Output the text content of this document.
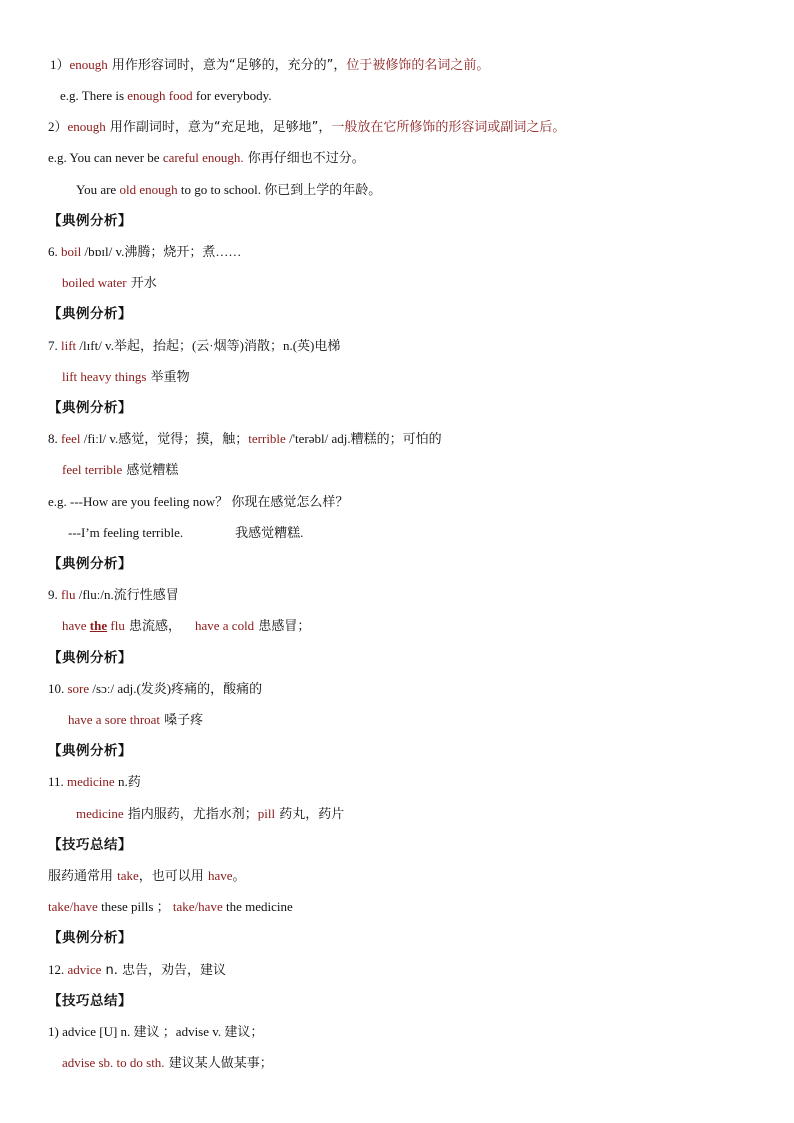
1）enough 用作形容词时，意为“足够的，充分的”，位于被修饰的名词之前。
e.g. There is enough food for everybody.
2）enough 用作副词时，意为“充足地，足够地”，一般放在它所修饰的形容词或副词之后。
e.g. You can never be careful enough. 你再仔细也不过分。
You are old enough to go to school. 你已到上学的年龄。
【典例分析】
6. boil /bɒɪl/ v.沸腾；烧开；煮……
boiled water 开水
【典例分析】
7. lift /lɪft/ v.举起，抬起；(云·烟等)消散；n.(英)电梯
lift heavy things 举重物
【典例分析】
8. feel /fiːl/ v.感觉，觉得；摸，触；terrible /'terəbl/ adj.糟糕的；可怕的
feel terrible 感觉糟糕
e.g. ---How are you feeling now？ 你现在感觉怎么样？
---I’m feeling terrible.	我感觉糟糕.
【典例分析】
9. flu /fluː/n.流行性感冒
have the flu 患流感， have a cold 患感冒；
【典例分析】
10. sore /sɔː/ adj.(发炎)疼痛的，酸痛的
have a sore throat 嗓子疼
【典例分析】
11. medicine n.药
medicine 指内服药，尤指水剂；pill 药丸，药片
【技巧总结】
服药通常用 take，也可以用 have。
take/have these pills ； take/have the medicine
【典例分析】
12. advice n. 忠告，劝告，建议
【技巧总结】
1) advice [U] n. 建议 ；advise v. 建议；
advise sb. to do sth. 建议某人做某事；
